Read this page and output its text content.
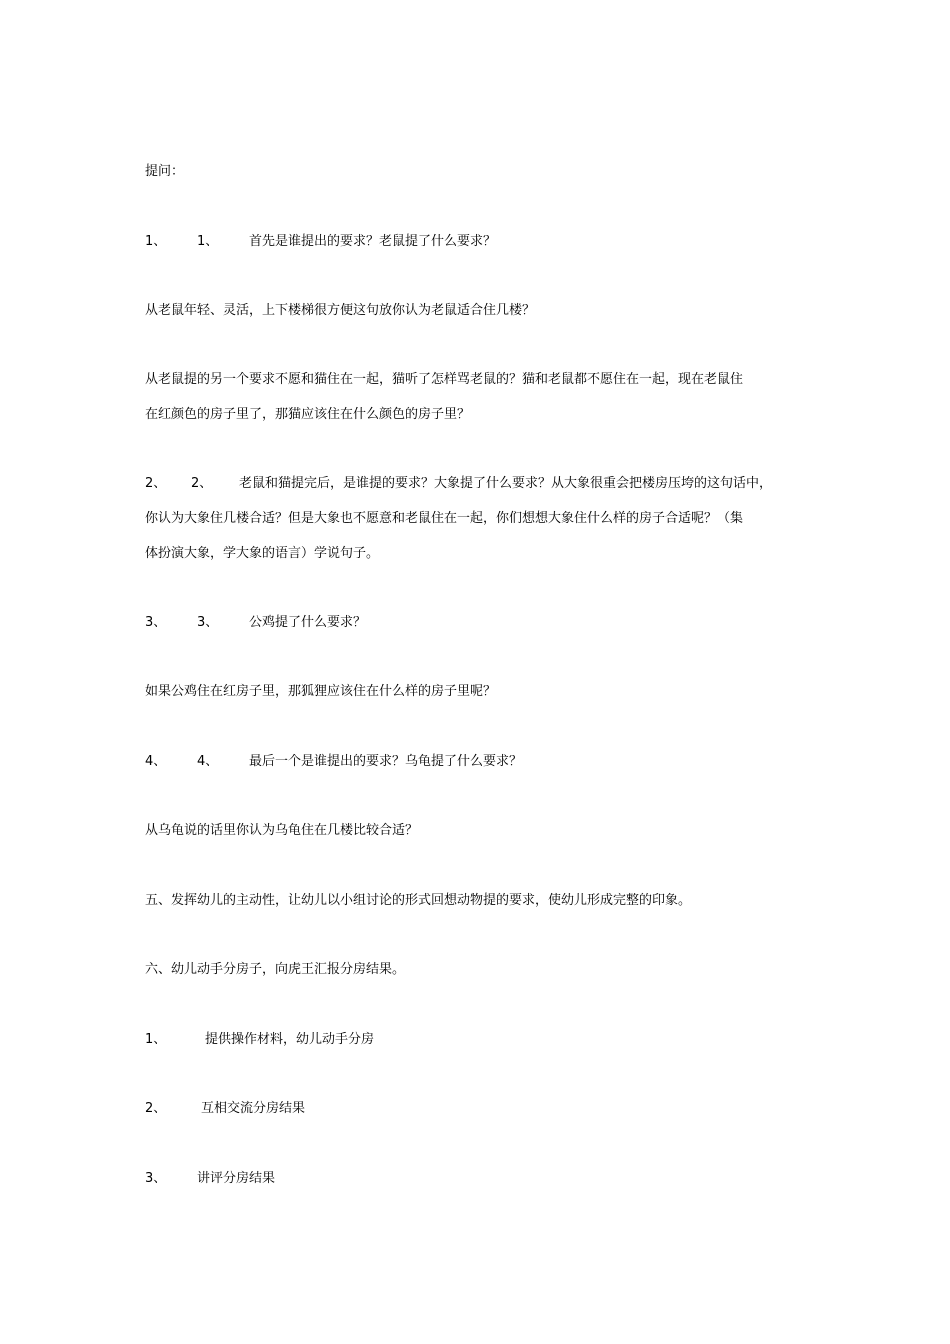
提问：
1、 1、 首先是谁提出的要求？老鼠提了什么要求？
从老鼠年轻、灵活，上下楼梯很方便这句放你认为老鼠适合住几楼？
从老鼠提的另一个要求不愿和猫住在一起，猫听了怎样骂老鼠的？猫和老鼠都不愿住在一起，现在老鼠住
在红颜色的房子里了，那猫应该住在什么颜色的房子里？
2、 2、 老鼠和猫提完后，是谁提的要求？大象提了什么要求？从大象很重会把楼房压垮的这句话中，
你认为大象住几楼合适？但是大象也不愿意和老鼠住在一起，你们想想大象住什么样的房子合适呢？（集
体扮演大象，学大象的语言）学说句子。
3、 3、 公鸡提了什么要求？
如果公鸡住在红房子里，那狐狸应该住在什么样的房子里呢？
4、 4、 最后一个是谁提出的要求？乌龟提了什么要求？
从乌龟说的话里你认为乌龟住在几楼比较合适？
五、发挥幼儿的主动性，让幼儿以小组讨论的形式回想动物提的要求，使幼儿形成完整的印象。
六、幼儿动手分房子，向虎王汇报分房结果。
1、	提供操作材料，幼儿动手分房
2、	互相交流分房结果
3、 讲评分房结果
